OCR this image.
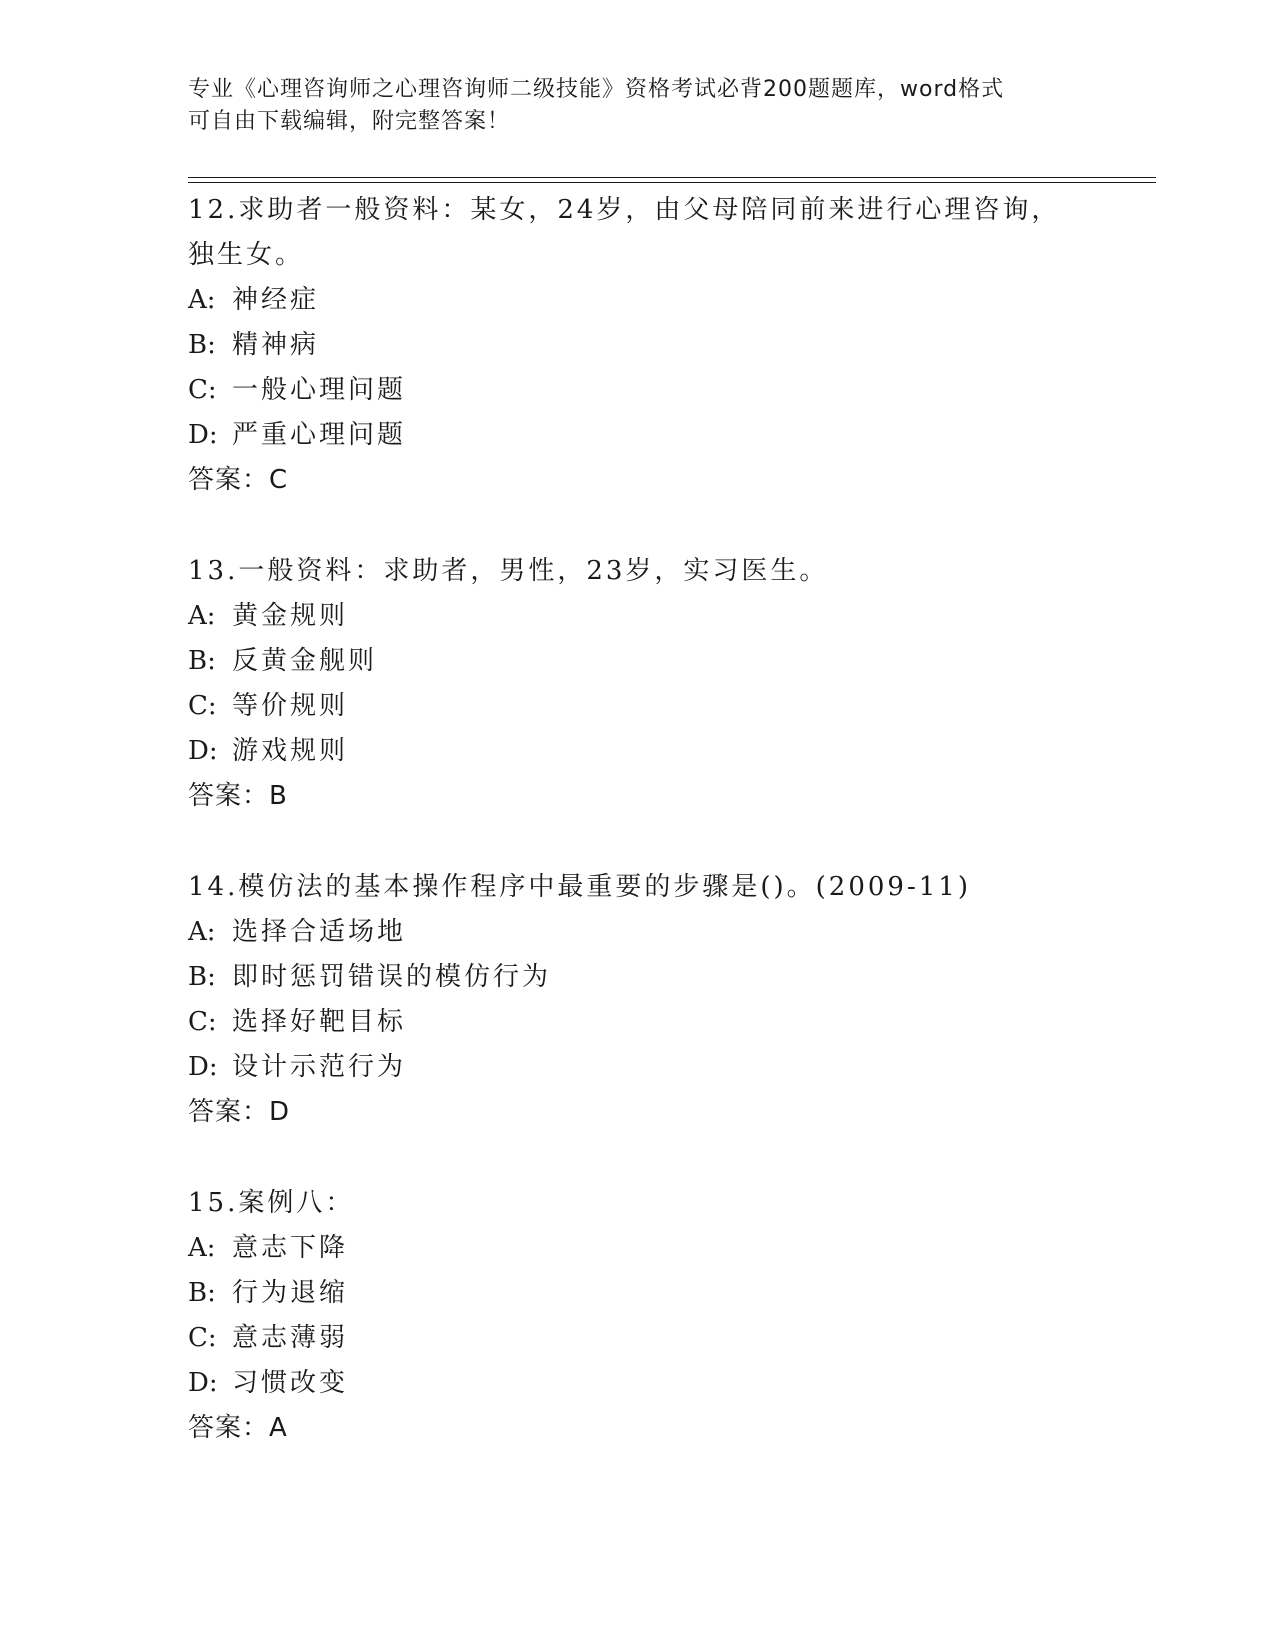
专业《心理咨询师之心理咨询师二级技能》资格考试必背200题题库，word格式
可自由下载编辑，附完整答案！
12.求助者一般资料：某女，24岁，由父母陪同前来进行心理咨询，独生女。
A: 神经症
B: 精神病
C: 一般心理问题
D: 严重心理问题
答案：C
13.一般资料：求助者，男性，23岁，实习医生。
A: 黄金规则
B: 反黄金舰则
C: 等价规则
D: 游戏规则
答案：B
14.模仿法的基本操作程序中最重要的步骤是()。(2009-11)
A: 选择合适场地
B: 即时惩罚错误的模仿行为
C: 选择好靶目标
D: 设计示范行为
答案：D
15.案例八：
A: 意志下降
B: 行为退缩
C: 意志薄弱
D: 习惯改变
答案：A
